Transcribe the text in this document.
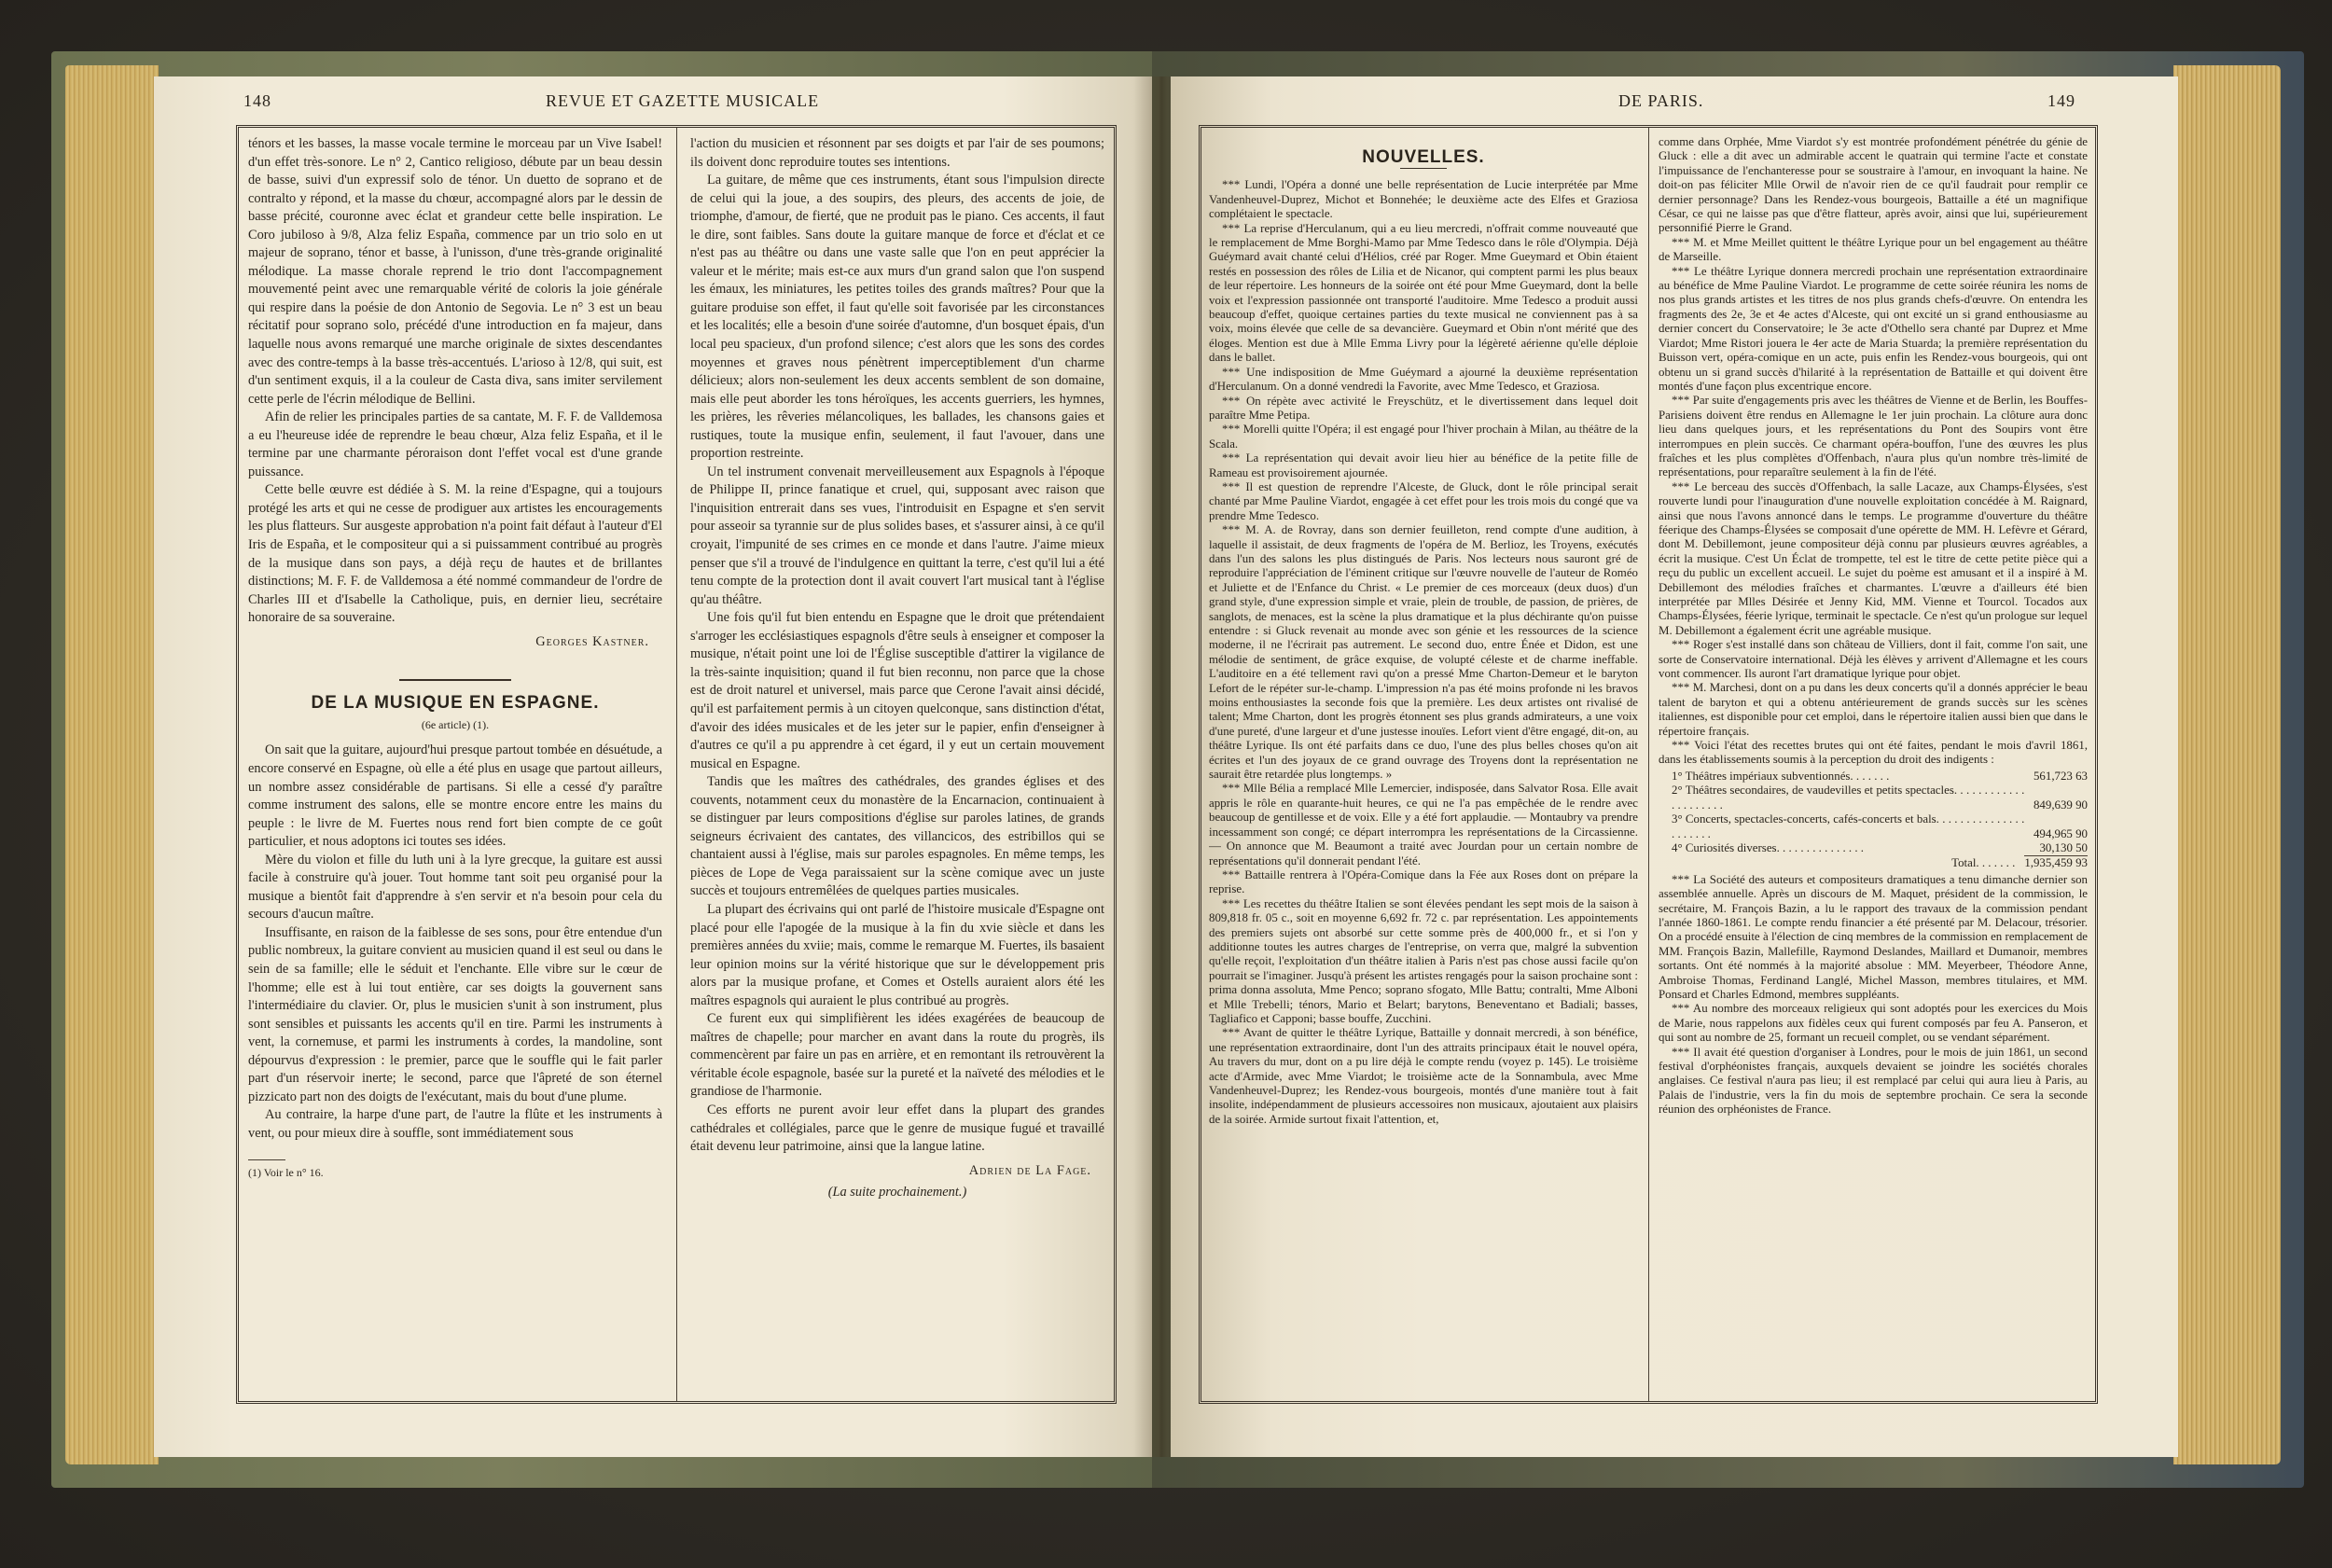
148	REVUE ET GAZETTE MUSICALE

ténors et les basses, la masse vocale termine le morceau par un Vive Isabel! d'un effet très-sonore. Le n° 2, Cantico religioso, débute par un beau dessin de basse, suivi d'un expressif solo de ténor. Un duetto de soprano et de contralto y répond, et la masse du chœur, accompagné alors par le dessin de basse précité, couronne avec éclat et grandeur cette belle inspiration. Le Coro jubiloso à 9/8, Alza feliz España, commence par un trio solo en ut majeur de soprano, ténor et basse, à l'unisson, d'une très-grande originalité mélodique. La masse chorale reprend le trio dont l'accompagnement mouvementé peint avec une remarquable vérité de coloris la joie générale qui respire dans la poésie de don Antonio de Segovia. Le n° 3 est un beau récitatif pour soprano solo, précédé d'une introduction en fa majeur, dans laquelle nous avons remarqué une marche originale de sixtes descendantes avec des contre-temps à la basse très-accentués. L'arioso à 12/8, qui suit, est d'un sentiment exquis, il a la couleur de Casta diva, sans imiter servilement cette perle de l'écrin mélodique de Bellini.

Afin de relier les principales parties de sa cantate, M. F. F. de Valldemosa a eu l'heureuse idée de reprendre le beau chœur, Alza feliz España, et il le termine par une charmante péroraison dont l'effet vocal est d'une grande puissance.

Cette belle œuvre est dédiée à S. M. la reine d'Espagne, qui a toujours protégé les arts et qui ne cesse de prodiguer aux artistes les encouragements les plus flatteurs. Sur ausgeste approbation n'a point fait défaut à l'auteur d'El Iris de España, et le compositeur qui a si puissamment contribué au progrès de la musique dans son pays, a déjà reçu de hautes et de brillantes distinctions; M. F. F. de Valldemosa a été nommé commandeur de l'ordre de Charles III et d'Isabelle la Catholique, puis, en dernier lieu, secrétaire honoraire de sa souveraine.

Georges Kastner.

DE LA MUSIQUE EN ESPAGNE.
(6e article) (1).

On sait que la guitare, aujourd'hui presque partout tombée en désuétude, a encore conservé en Espagne, où elle a été plus en usage que partout ailleurs, un nombre assez considérable de partisans. Si elle a cessé d'y paraître comme instrument des salons, elle se montre encore entre les mains du peuple : le livre de M. Fuertes nous rend fort bien compte de ce goût particulier, et nous adoptons ici toutes ses idées.

Mère du violon et fille du luth uni à la lyre grecque, la guitare est aussi facile à construire qu'à jouer. Tout homme tant soit peu organisé pour la musique a bientôt fait d'apprendre à s'en servir et n'a besoin pour cela du secours d'aucun maître.

Insuffisante, en raison de la faiblesse de ses sons, pour être entendue d'un public nombreux, la guitare convient au musicien quand il est seul ou dans le sein de sa famille; elle le séduit et l'enchante. Elle vibre sur le cœur de l'homme; elle est à lui tout entière, car ses doigts la gouvernent sans l'intermédiaire du clavier. Or, plus le musicien s'unit à son instrument, plus sont sensibles et puissants les accents qu'il en tire. Parmi les instruments à vent, la cornemuse, et parmi les instruments à cordes, la mandoline, sont dépourvus d'expression : le premier, parce que le souffle qui le fait parler part d'un réservoir inerte; le second, parce que l'âpreté de son éternel pizzicato part non des doigts de l'exécutant, mais du bout d'une plume.

Au contraire, la harpe d'une part, de l'autre la flûte et les instruments à vent, ou pour mieux dire à souffle, sont immédiatement sous

(1) Voir le n° 16.

l'action du musicien et résonnent par ses doigts et par l'air de ses poumons; ils doivent donc reproduire toutes ses intentions.

La guitare, de même que ces instruments, étant sous l'impulsion directe de celui qui la joue, a des soupirs, des pleurs, des accents de joie, de triomphe, d'amour, de fierté, que ne produit pas le piano. Ces accents, il faut le dire, sont faibles. Sans doute la guitare manque de force et d'éclat et ce n'est pas au théâtre ou dans une vaste salle que l'on en peut apprécier la valeur et le mérite; mais est-ce aux murs d'un grand salon que l'on suspend les émaux, les miniatures, les petites toiles des grands maîtres? Pour que la guitare produise son effet, il faut qu'elle soit favorisée par les circonstances et les localités; elle a besoin d'une soirée d'automne, d'un bosquet épais, d'un local peu spacieux, d'un profond silence; c'est alors que les sons des cordes moyennes et graves nous pénètrent imperceptiblement d'un charme délicieux; alors non-seulement les deux accents semblent de son domaine, mais elle peut aborder les tons héroïques, les accents guerriers, les hymnes, les prières, les rêveries mélancoliques, les ballades, les chansons gaies et rustiques, toute la musique enfin, seulement, il faut l'avouer, dans une proportion restreinte.

Un tel instrument convenait merveilleusement aux Espagnols à l'époque de Philippe II, prince fanatique et cruel, qui, supposant avec raison que l'inquisition entrerait dans ses vues, l'introduisit en Espagne et s'en servit pour asseoir sa tyrannie sur de plus solides bases, et s'assurer ainsi, à ce qu'il croyait, l'impunité de ses crimes en ce monde et dans l'autre. J'aime mieux penser que s'il a trouvé de l'indulgence en quittant la terre, c'est qu'il lui a été tenu compte de la protection dont il avait couvert l'art musical tant à l'église qu'au théâtre.

Une fois qu'il fut bien entendu en Espagne que le droit que prétendaient s'arroger les ecclésiastiques espagnols d'être seuls à enseigner et composer la musique, n'était point une loi de l'Église susceptible d'attirer la vigilance de la très-sainte inquisition; quand il fut bien reconnu, non parce que la chose est de droit naturel et universel, mais parce que Cerone l'avait ainsi décidé, qu'il est parfaitement permis à un citoyen quelconque, sans distinction d'état, d'avoir des idées musicales et de les jeter sur le papier, enfin d'enseigner à d'autres ce qu'il a pu apprendre à cet égard, il y eut un certain mouvement musical en Espagne.

Tandis que les maîtres des cathédrales, des grandes églises et des couvents, notamment ceux du monastère de la Encarnacion, continuaient à se distinguer par leurs compositions d'église sur paroles latines, de grands seigneurs écrivaient des cantates, des villancicos, des estribillos qui se chantaient aussi à l'église, mais sur paroles espagnoles. En même temps, les pièces de Lope de Vega paraissaient sur la scène comique avec un juste succès et toujours entremêlées de quelques parties musicales.

La plupart des écrivains qui ont parlé de l'histoire musicale d'Espagne ont placé pour elle l'apogée de la musique à la fin du xvie siècle et dans les premières années du xviie; mais, comme le remarque M. Fuertes, ils basaient leur opinion moins sur la vérité historique que sur le développement pris alors par la musique profane, et Comes et Ostells auraient alors été les maîtres espagnols qui auraient le plus contribué au progrès.

Ce furent eux qui simplifièrent les idées exagérées de beaucoup de maîtres de chapelle; pour marcher en avant dans la route du progrès, ils commencèrent par faire un pas en arrière, et en remontant ils retrouvèrent la véritable école espagnole, basée sur la pureté et la naïveté des mélodies et le grandiose de l'harmonie.

Ces efforts ne purent avoir leur effet dans la plupart des grandes cathédrales et collégiales, parce que le genre de musique fugué et travaillé était devenu leur patrimoine, ainsi que la langue latine.

Adrien de La Fage.

(La suite prochainement.)

DE PARIS.	149
NOUVELLES.

*** Lundi, l'Opéra a donné une belle représentation de Lucie interprétée par Mme Vandenheuvel-Duprez, Michot et Bonnehée; le deuxième acte des Elfes et Graziosa complétaient le spectacle.

*** La reprise d'Herculanum, qui a eu lieu mercredi, n'offrait comme nouveauté que le remplacement de Mme Borghi-Mamo par Mme Tedesco dans le rôle d'Olympia. Déjà Guéymard avait chanté celui d'Hélios, créé par Roger. Mme Gueymard et Obin étaient restés en possession des rôles de Lilia et de Nicanor, qui comptent parmi les plus beaux de leur répertoire. Les honneurs de la soirée ont été pour Mme Gueymard, dont la belle voix et l'expression passionnée ont transporté l'auditoire. Mme Tedesco a produit aussi beaucoup d'effet, quoique certaines parties du texte musical ne conviennent pas à sa voix, moins élevée que celle de sa devancière. Gueymard et Obin n'ont mérité que des éloges. Mention est due à Mlle Emma Livry pour la légèreté aérienne qu'elle déploie dans le ballet.

*** Une indisposition de Mme Guéymard a ajourné la deuxième représentation d'Herculanum. On a donné vendredi la Favorite, avec Mme Tedesco, et Graziosa.

*** On répète avec activité le Freyschütz, et le divertissement dans lequel doit paraître Mme Petipa.

*** Morelli quitte l'Opéra; il est engagé pour l'hiver prochain à Milan, au théâtre de la Scala.

*** La représentation qui devait avoir lieu hier au bénéfice de la petite fille de Rameau est provisoirement ajournée.

*** Il est question de reprendre l'Alceste, de Gluck, dont le rôle principal serait chanté par Mme Pauline Viardot, engagée à cet effet pour les trois mois du congé que va prendre Mme Tedesco.

*** M. A. de Rovray, dans son dernier feuilleton, rend compte d'une audition, à laquelle il assistait, de deux fragments de l'opéra de M. Berlioz, les Troyens, exécutés dans l'un des salons les plus distingués de Paris. Nos lecteurs nous sauront gré de reproduire l'appréciation de l'éminent critique sur l'œuvre nouvelle de l'auteur de Roméo et Juliette et de l'Enfance du Christ. « Le premier de ces morceaux (deux duos) d'un grand style, d'une expression simple et vraie, plein de trouble, de passion, de prières, de sanglots, de menaces, est la scène la plus dramatique et la plus déchirante qu'on puisse entendre : si Gluck revenait au monde avec son génie et les ressources de la science moderne, il ne l'écrirait pas autrement. Le second duo, entre Énée et Didon, est une mélodie de sentiment, de grâce exquise, de volupté céleste et de charme ineffable. L'auditoire en a été tellement ravi qu'on a pressé Mme Charton-Demeur et le baryton Lefort de le répéter sur-le-champ. L'impression n'a pas été moins profonde ni les bravos moins enthousiastes la seconde fois que la première. Les deux artistes ont rivalisé de talent; Mme Charton, dont les progrès étonnent ses plus grands admirateurs, a une voix d'une pureté, d'une largeur et d'une justesse inouïes. Lefort vient d'être engagé, dit-on, au théâtre Lyrique. Ils ont été parfaits dans ce duo, l'une des plus belles choses qu'on ait écrites et l'un des joyaux de ce grand ouvrage des Troyens dont la représentation ne saurait être retardée plus longtemps. »

*** Mlle Bélia a remplacé Mlle Lemercier, indisposée, dans Salvator Rosa. Elle avait appris le rôle en quarante-huit heures, ce qui ne l'a pas empêchée de le rendre avec beaucoup de gentillesse et de voix. Elle y a été fort applaudie. — Montaubry va prendre incessamment son congé; ce départ interrompra les représentations de la Circassienne. — On annonce que M. Beaumont a traité avec Jourdan pour un certain nombre de représentations qu'il donnerait pendant l'été.

*** Battaille rentrera à l'Opéra-Comique dans la Fée aux Roses dont on prépare la reprise.

*** Les recettes du théâtre Italien se sont élevées pendant les sept mois de la saison à 809,818 fr. 05 c., soit en moyenne 6,692 fr. 72 c. par représentation. Les appointements des premiers sujets ont absorbé sur cette somme près de 400,000 fr., et si l'on y additionne toutes les autres charges de l'entreprise, on verra que, malgré la subvention qu'elle reçoit, l'exploitation d'un théâtre italien à Paris n'est pas chose aussi facile qu'on pourrait se l'imaginer. Jusqu'à présent les artistes rengagés pour la saison prochaine sont : prima donna assoluta, Mme Penco; soprano sfogato, Mlle Battu; contralti, Mme Alboni et Mlle Trebelli; ténors, Mario et Belart; barytons, Beneventano et Badiali; basses, Tagliafico et Capponi; basse bouffe, Zucchini.

*** Avant de quitter le théâtre Lyrique, Battaille y donnait mercredi, à son bénéfice, une représentation extraordinaire, dont l'un des attraits principaux était le nouvel opéra, Au travers du mur, dont on a pu lire déjà le compte rendu (voyez p. 145). Le troisième acte d'Armide, avec Mme Viardot; le troisième acte de la Sonnambula, avec Mme Vandenheuvel-Duprez; les Rendez-vous bourgeois, montés d'une manière tout à fait insolite, indépendamment de plusieurs accessoires non musicaux, ajoutaient aux plaisirs de la soirée. Armide surtout fixait l'attention, et,

comme dans Orphée, Mme Viardot s'y est montrée profondément pénétrée du génie de Gluck : elle a dit avec un admirable accent le quatrain qui termine l'acte et constate l'impuissance de l'enchanteresse pour se soustraire à l'amour, en invoquant la haine. Ne doit-on pas féliciter Mlle Orwil de n'avoir rien de ce qu'il faudrait pour remplir ce dernier personnage? Dans les Rendez-vous bourgeois, Battaille a été un magnifique César, ce qui ne laisse pas que d'être flatteur, après avoir, ainsi que lui, supérieurement personnifié Pierre le Grand.

*** M. et Mme Meillet quittent le théâtre Lyrique pour un bel engagement au théâtre de Marseille.

*** Le théâtre Lyrique donnera mercredi prochain une représentation extraordinaire au bénéfice de Mme Pauline Viardot. Le programme de cette soirée réunira les noms de nos plus grands artistes et les titres de nos plus grands chefs-d'œuvre. On entendra les fragments des 2e, 3e et 4e actes d'Alceste, qui ont excité un si grand enthousiasme au dernier concert du Conservatoire; le 3e acte d'Othello sera chanté par Duprez et Mme Viardot; Mme Ristori jouera le 4er acte de Maria Stuarda; la première représentation du Buisson vert, opéra-comique en un acte, puis enfin les Rendez-vous bourgeois, qui ont obtenu un si grand succès d'hilarité à la représentation de Battaille et qui doivent être montés d'une façon plus excentrique encore.

*** Par suite d'engagements pris avec les théâtres de Vienne et de Berlin, les Bouffes-Parisiens doivent être rendus en Allemagne le 1er juin prochain. La clôture aura donc lieu dans quelques jours, et les représentations du Pont des Soupirs vont être interrompues en plein succès. Ce charmant opéra-bouffon, l'une des œuvres les plus fraîches et les plus complètes d'Offenbach, n'aura plus qu'un nombre très-limité de représentations, pour reparaître seulement à la fin de l'été.

*** Le berceau des succès d'Offenbach, la salle Lacaze, aux Champs-Élysées, s'est rouverte lundi pour l'inauguration d'une nouvelle exploitation concédée à M. Raignard, ainsi que nous l'avons annoncé dans le temps. Le programme d'ouverture du théâtre féerique des Champs-Élysées se composait d'une opérette de MM. H. Lefèvre et Gérard, dont M. Debillemont, jeune compositeur déjà connu par plusieurs œuvres agréables, a écrit la musique. C'est Un Éclat de trompette, tel est le titre de cette petite pièce qui a reçu du public un excellent accueil. Le sujet du poème est amusant et il a inspiré à M. Debillemont des mélodies fraîches et charmantes. L'œuvre a d'ailleurs été bien interprétée par Mlles Désirée et Jenny Kid, MM. Vienne et Tourcol. Tocados aux Champs-Élysées, féerie lyrique, terminait le spectacle. Ce n'est qu'un prologue sur lequel M. Debillemont a également écrit une agréable musique.

*** Roger s'est installé dans son château de Villiers, dont il fait, comme l'on sait, une sorte de Conservatoire international. Déjà les élèves y arrivent d'Allemagne et les cours vont commencer. Ils auront l'art dramatique lyrique pour objet.

*** M. Marchesi, dont on a pu dans les deux concerts qu'il a donnés apprécier le beau talent de baryton et qui a obtenu antérieurement de grands succès sur les scènes italiennes, est disponible pour cet emploi, dans le répertoire italien aussi bien que dans le répertoire français.

*** Voici l'état des recettes brutes qui ont été faites, pendant le mois d'avril 1861, dans les établissements soumis à la perception du droit des indigents :

1° Théâtres impériaux subventionnés. . . . . . .	561,723 63
2° Théâtres secondaires, de vaudevilles et petits spectacles. . . . . . . . . . . . . . . . . . . . .	849,639 90
3° Concerts, spectacles-concerts, cafés-concerts et bals. . . . . . . . . . . . . . . . . . . . . .	494,965 90
4° Curiosités diverses. . . . . . . . . . . . . . .	30,130 50
Total. . . . . . .	1,935,459 93

*** La Société des auteurs et compositeurs dramatiques a tenu dimanche dernier son assemblée annuelle. Après un discours de M. Maquet, président de la commission, le secrétaire, M. François Bazin, a lu le rapport des travaux de la commission pendant l'année 1860-1861. Le compte rendu financier a été présenté par M. Delacour, trésorier. On a procédé ensuite à l'élection de cinq membres de la commission en remplacement de MM. François Bazin, Mallefille, Raymond Deslandes, Maillard et Dumanoir, membres sortants. Ont été nommés à la majorité absolue : MM. Meyerbeer, Théodore Anne, Ambroise Thomas, Ferdinand Langlé, Michel Masson, membres titulaires, et MM. Ponsard et Charles Edmond, membres suppléants.

*** Au nombre des morceaux religieux qui sont adoptés pour les exercices du Mois de Marie, nous rappelons aux fidèles ceux qui furent composés par feu A. Panseron, et qui sont au nombre de 25, formant un recueil complet, ou se vendant séparément.

*** Il avait été question d'organiser à Londres, pour le mois de juin 1861, un second festival d'orphéonistes français, auxquels devaient se joindre les sociétés chorales anglaises. Ce festival n'aura pas lieu; il est remplacé par celui qui aura lieu à Paris, au Palais de l'industrie, vers la fin du mois de septembre prochain. Ce sera la seconde réunion des orphéonistes de France.
